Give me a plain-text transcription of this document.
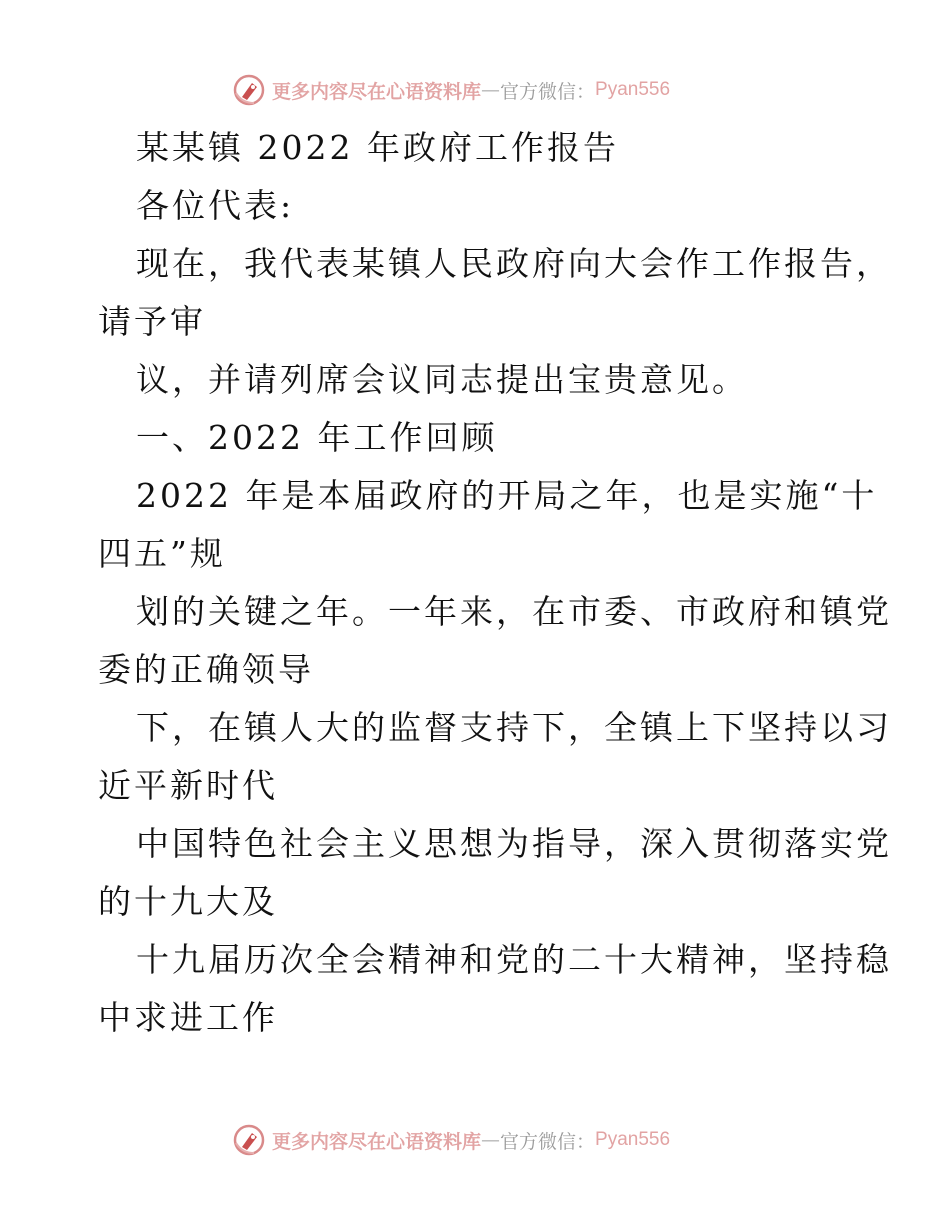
更多内容尽在心语资料库 — 官方微信： Pyan556
某某镇 2022 年政府工作报告
各位代表:
现在，我代表某镇人民政府向大会作工作报告，
请予审
议，并请列席会议同志提出宝贵意见。
一、2022 年工作回顾
2022 年是本届政府的开局之年，也是实施“十
四五”规
划的关键之年。一年来，在市委、市政府和镇党
委的正确领导
下，在镇人大的监督支持下，全镇上下坚持以习
近平新时代
中国特色社会主义思想为指导，深入贯彻落实党
的十九大及
十九届历次全会精神和党的二十大精神，坚持稳
中求进工作
更多内容尽在心语资料库 — 官方微信： Pyan556
